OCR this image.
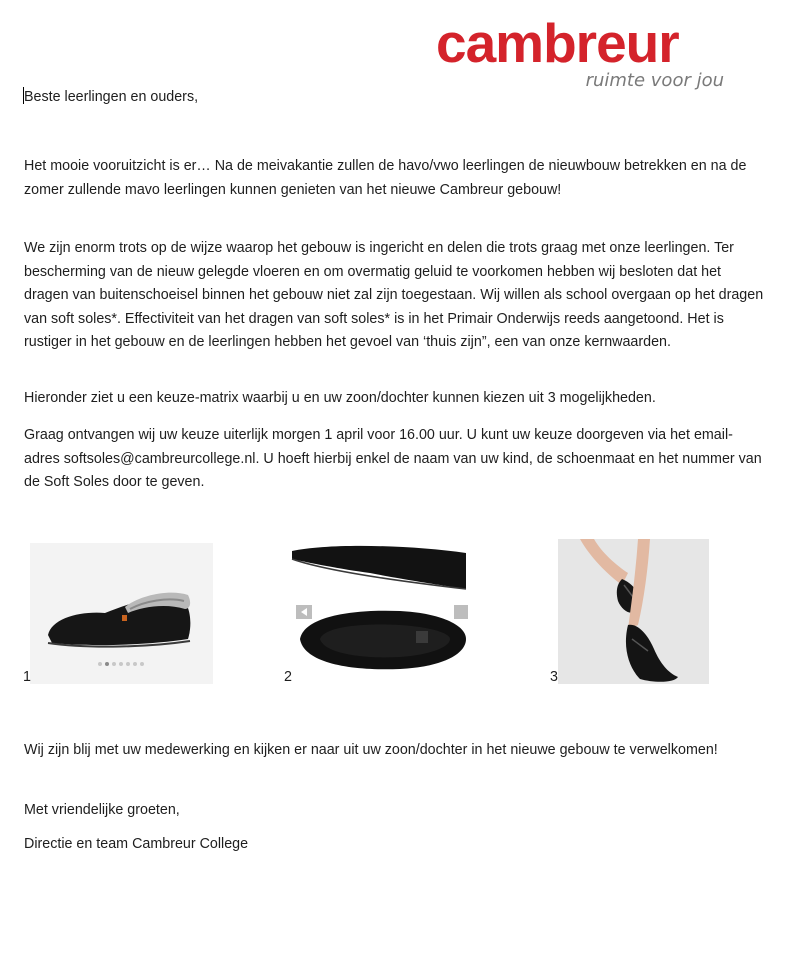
cambreur
ruimte voor jou
Beste leerlingen en ouders,
Het mooie vooruitzicht is er… Na de meivakantie zullen de havo/vwo leerlingen de nieuwbouw betrekken en na de zomer zullende mavo leerlingen kunnen genieten van het nieuwe Cambreur gebouw!
We zijn enorm trots op de wijze waarop het gebouw is ingericht en delen die trots graag met onze leerlingen. Ter bescherming van de nieuw gelegde vloeren en om overmatig geluid te voorkomen hebben wij besloten dat het dragen van buitenschoeisel binnen het gebouw niet zal zijn toegestaan. Wij willen als school overgaan op het dragen van soft soles*. Effectiviteit van het dragen van soft soles* is in het Primair Onderwijs reeds aangetoond. Het is rustiger in het gebouw en de leerlingen hebben het gevoel van ‘thuis zijn”, een van onze kernwaarden.
Hieronder ziet u een keuze-matrix waarbij u en uw zoon/dochter kunnen kiezen uit 3 mogelijkheden.
Graag ontvangen wij uw keuze uiterlijk morgen 1 april voor 16.00 uur. U kunt uw keuze doorgeven via het email-adres softsoles@cambreurcollege.nl. U hoeft hierbij enkel de naam van uw kind, de schoenmaat en het nummer van de Soft Soles door te geven.
1	2	3
Wij zijn blij met uw medewerking en kijken er naar uit uw zoon/dochter in het nieuwe gebouw te verwelkomen!
Met vriendelijke groeten,
Directie en team Cambreur College
